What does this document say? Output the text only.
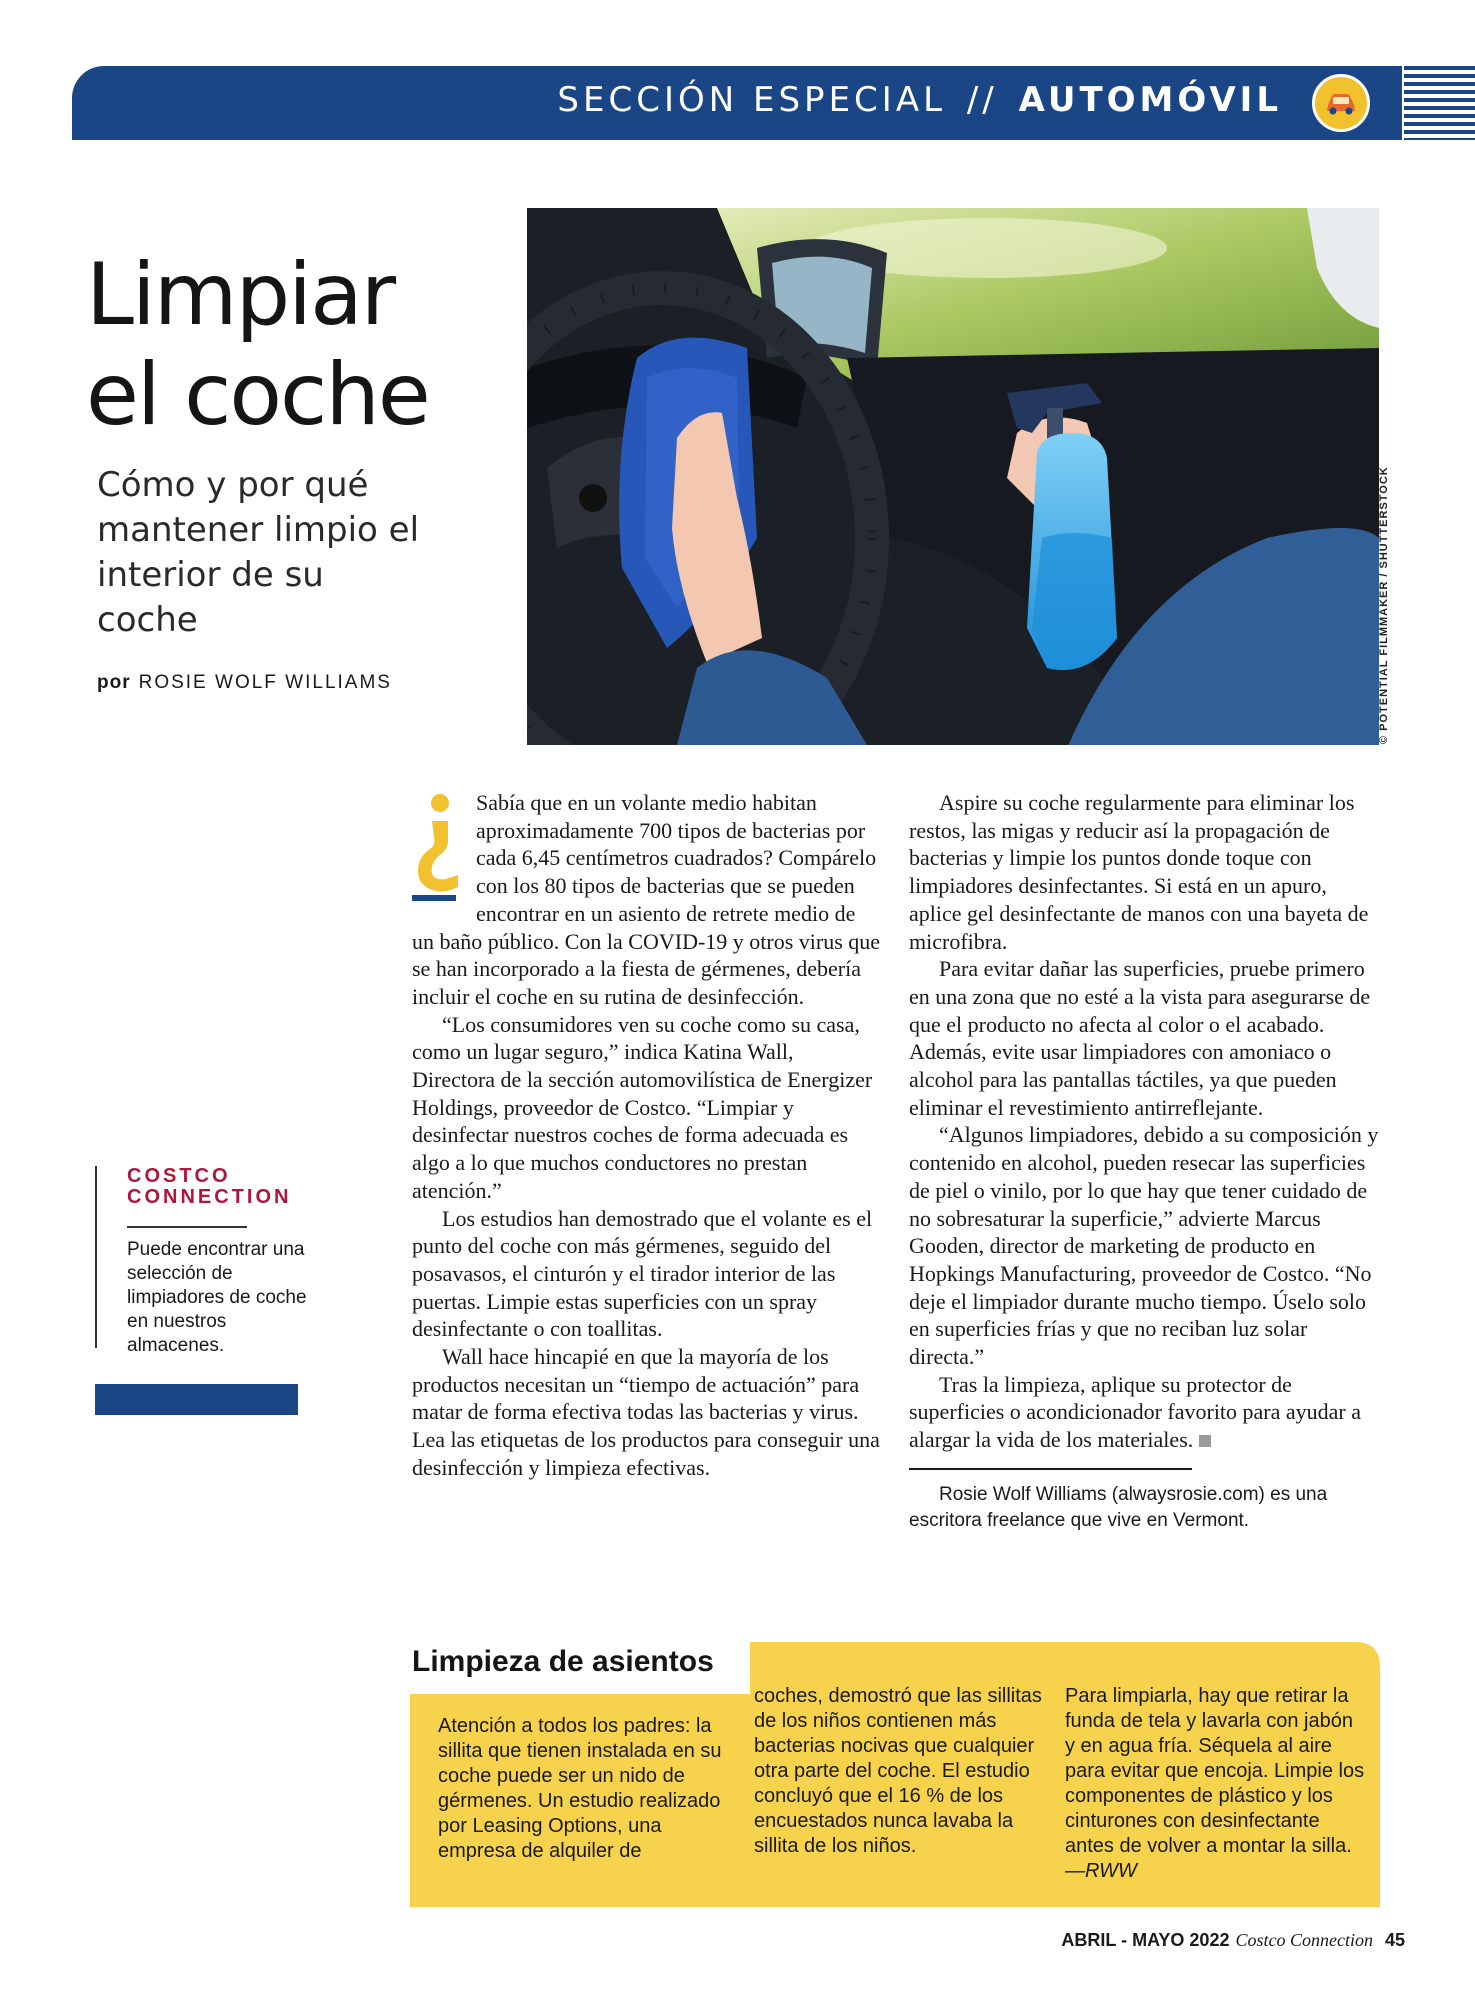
SECCIÓN ESPECIAL // AUTOMÓVIL
Limpiar
el coche
Cómo y por qué mantener limpio el interior de su coche
por ROSIE WOLF WILLIAMS	© POTENTIAL FILMMAKER / SHUTTERSTOCK

Sabía que en un volante medio habitan aproximadamente 700 tipos de bacterias por cada 6,45 centímetros cuadrados? Compárelo con los 80 tipos de bacterias que se pueden encontrar en un asiento de retrete medio de un baño público. Con la COVID-19 y otros virus que se han incorporado a la fiesta de gérmenes, debería incluir el coche en su rutina de desinfección.

“Los consumidores ven su coche como su casa, como un lugar seguro,” indica Katina Wall, Directora de la sección automovilística de Energizer Holdings, proveedor de Costco. “Limpiar y desinfectar nuestros coches de forma adecuada es algo a lo que muchos conductores no prestan atención.”

Los estudios han demostrado que el volante es el punto del coche con más gérmenes, seguido del posavasos, el cinturón y el tirador interior de las puertas. Limpie estas superficies con un spray desinfectante o con toallitas.

Wall hace hincapié en que la mayoría de los productos necesitan un “tiempo de actuación” para matar de forma efectiva todas las bacterias y virus. Lea las etiquetas de los productos para conseguir una desinfección y limpieza efectivas.

Aspire su coche regularmente para eliminar los restos, las migas y reducir así la propagación de bacterias y limpie los puntos donde toque con limpiadores desinfectantes. Si está en un apuro, aplice gel desinfectante de manos con una bayeta de microfibra.

Para evitar dañar las superficies, pruebe primero en una zona que no esté a la vista para asegurarse de que el producto no afecta al color o el acabado. Además, evite usar limpiadores con amoniaco o alcohol para las pantallas táctiles, ya que pueden eliminar el revestimiento antirreflejante.

“Algunos limpiadores, debido a su composición y contenido en alcohol, pueden resecar las superficies de piel o vinilo, por lo que hay que tener cuidado de no sobresaturar la superficie,” advierte Marcus Gooden, director de marketing de producto en Hopkings Manufacturing, proveedor de Costco. “No deje el limpiador durante mucho tiempo. Úselo solo en superficies frías y que no reciban luz solar directa.”

Tras la limpieza, aplique su protector de superficies o acondicionador favorito para ayudar a alargar la vida de los materiales.

Rosie Wolf Williams (alwaysrosie.com) es una escritora freelance que vive en Vermont.

COSTCO
CONNECTION

Puede encontrar una selección de limpiadores de coche en nuestros almacenes.

Limpieza de asientos

Atención a todos los padres: la sillita que tienen instalada en su coche puede ser un nido de gérmenes. Un estudio realizado por Leasing Options, una empresa de alquiler de

coches, demostró que las sillitas de los niños contienen más bacterias nocivas que cualquier otra parte del coche. El estudio concluyó que el 16 % de los encuestados nunca lavaba la sillita de los niños.

Para limpiarla, hay que retirar la funda de tela y lavarla con jabón y en agua fría. Séquela al aire para evitar que encoja. Limpie los componentes de plástico y los cinturones con desinfectante antes de volver a montar la silla.—RWW

ABRIL - MAYO 2022 Costco Connection 45
